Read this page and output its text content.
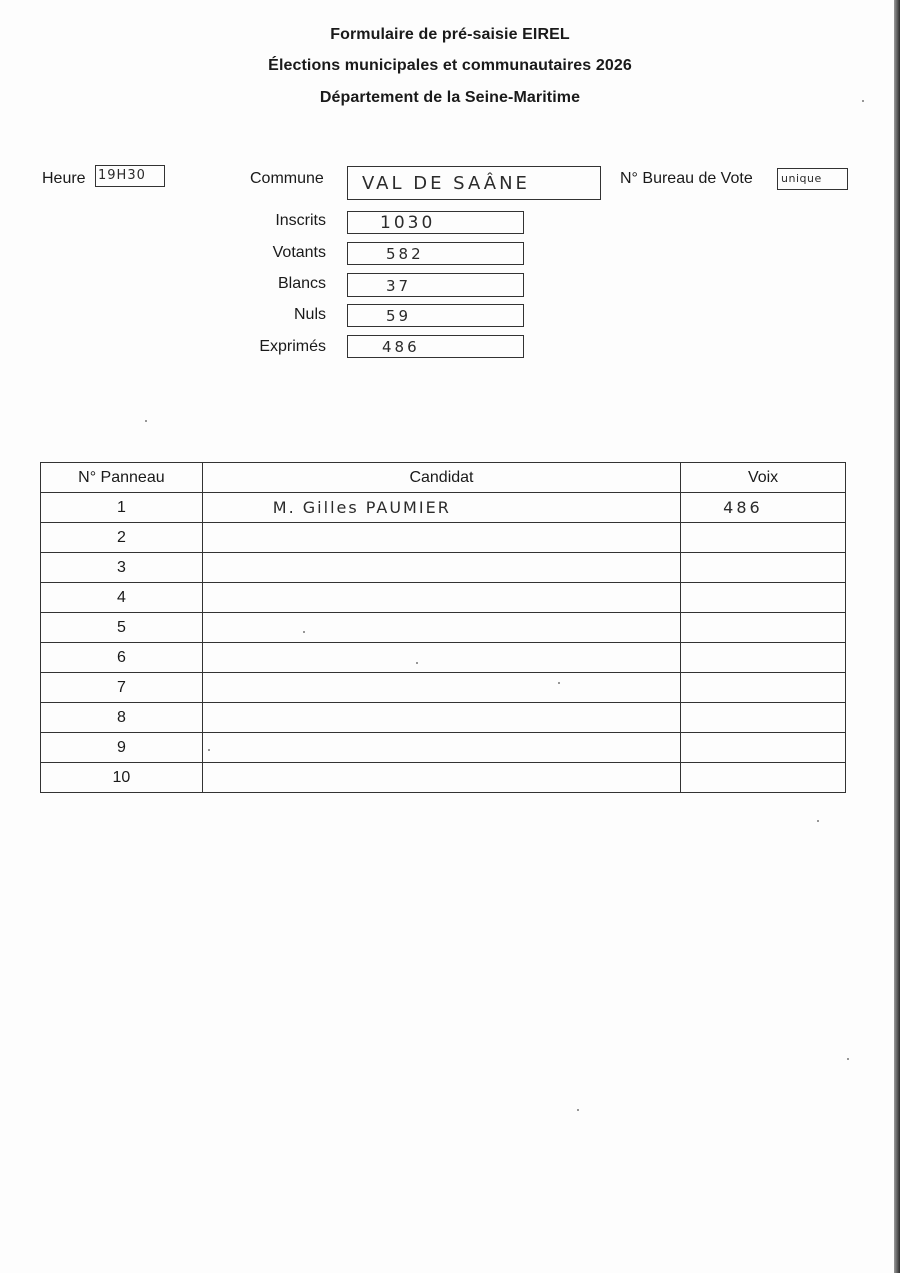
Formulaire de pré-saisie EIREL
Élections municipales et communautaires 2026
Département de la Seine-Maritime
Heure 19H30	Commune	VAL DE SAÂNE	N° Bureau de Vote	unique
Inscrits	1030
Votants	582
Blancs	37
Nuls	59
Exprimés	486
N° Panneau	Candidat	Voix
1	M. Gilles PAUMIER	486
2		
3		
4		
5		
6		
7		
8		
9		
10		
